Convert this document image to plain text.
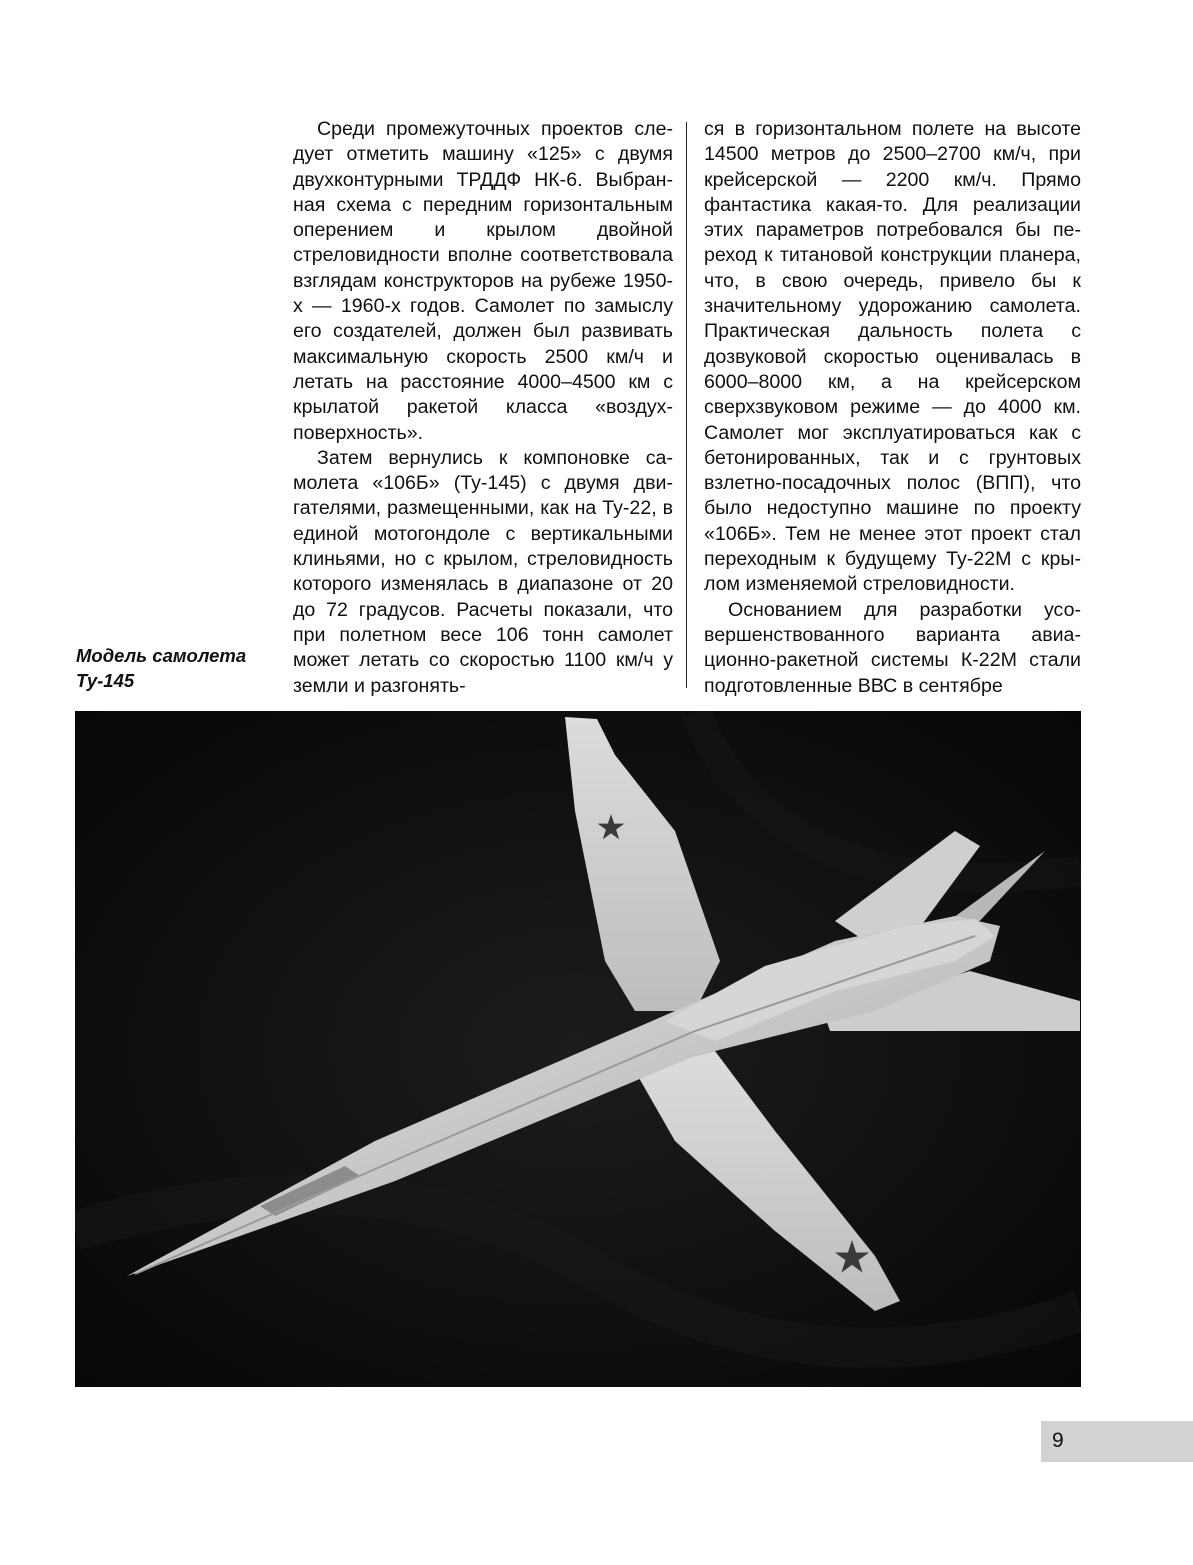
Среди промежуточных проектов следует отметить машину «125» с двумя двухконтурными ТРДДФ НК-6. Выбранная схема с передним горизонтальным оперением и крылом двойной стреловидности вполне соответствовала взглядам конструкторов на рубеже 1950-х — 1960-х годов. Самолет по замыслу его создателей, должен был развивать максимальную скорость 2500 км/ч и летать на расстояние 4000–4500 км с крылатой ракетой класса «воздух-поверхность».

Затем вернулись к компоновке самолета «106Б» (Ту-145) с двумя двигателями, размещенными, как на Ту-22, в единой мотогондоле с вертикальными клиньями, но с крылом, стреловидность которого изменялась в диапазоне от 20 до 72 градусов. Расчеты показали, что при полетном весе 106 тонн самолет может летать со скоростью 1100 км/ч у земли и разгонять-

ся в горизонтальном полете на высоте 14500 метров до 2500–2700 км/ч, при крейсерской — 2200 км/ч. Прямо фантастика какая-то. Для реализации этих параметров потребовался бы переход к титановой конструкции планера, что, в свою очередь, привело бы к значительному удорожанию самолета. Практическая дальность полета с дозвуковой скоростью оценивалась в 6000–8000 км, а на крейсерском сверхзвуковом режиме — до 4000 км. Самолет мог эксплуатироваться как с бетонированных, так и с грунтовых взлетно-посадочных полос (ВПП), что было недоступно машине по проекту «106Б». Тем не менее этот проект стал переходным к будущему Ту-22М с крылом изменяемой стреловидности.

Основанием для разработки усовершенствованного варианта авиационно-ракетной системы К-22М стали подготовленные ВВС в сентябре

Модель самолета
Ту-145
9
